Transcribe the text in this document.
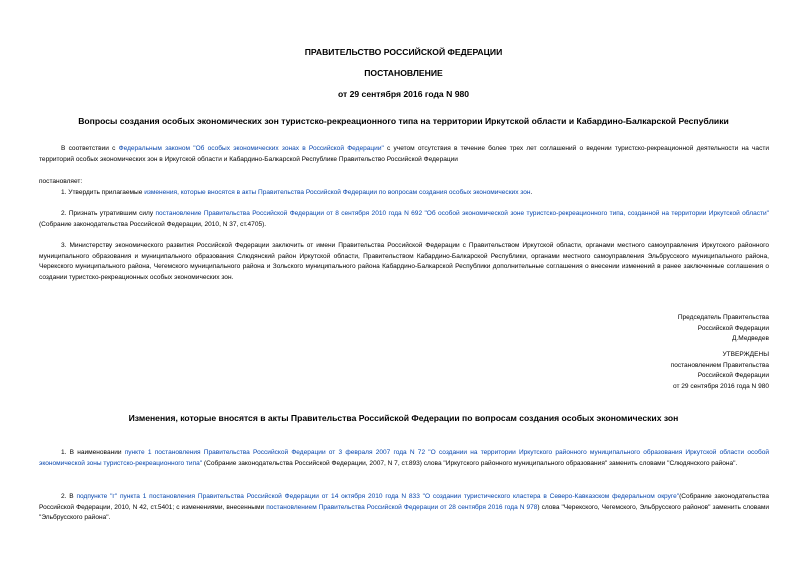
ПРАВИТЕЛЬСТВО РОССИЙСКОЙ ФЕДЕРАЦИИ
ПОСТАНОВЛЕНИЕ
от 29 сентября 2016 года N 980
Вопросы создания особых экономических зон туристско-рекреационного типа на территории Иркутской области и Кабардино-Балкарской Республики
В соответствии с Федеральным законом "Об особых экономических зонах в Российской Федерации" с учетом отсутствия в течение более трех лет соглашений о ведении туристско-рекреационной деятельности на части территорий особых экономических зон в Иркутской области и Кабардино-Балкарской Республике Правительство Российской Федерации
постановляет:
1. Утвердить прилагаемые изменения, которые вносятся в акты Правительства Российской Федерации по вопросам создания особых экономических зон.
2. Признать утратившим силу постановление Правительства Российской Федерации от 8 сентября 2010 года N 692 "Об особой экономической зоне туристско-рекреационного типа, созданной на территории Иркутской области" (Собрание законодательства Российской Федерации, 2010, N 37, ст.4705).
3. Министерству экономического развития Российской Федерации заключить от имени Правительства Российской Федерации с Правительством Иркутской области, органами местного самоуправления Иркутского районного муниципального образования и муниципального образования Слюдянский район Иркутской области, Правительством Кабардино-Балкарской Республики, органами местного самоуправления Эльбрусского муниципального района, Черекского муниципального района, Чегемского муниципального района и Зольского муниципального района Кабардино-Балкарской Республики дополнительные соглашения о внесении изменений в ранее заключенные соглашения о создании туристско-рекреационных особых экономических зон.
Председатель Правительства
Российской Федерации
Д.Медведев
УТВЕРЖДЕНЫ
постановлением Правительства
Российской Федерации
от 29 сентября 2016 года N 980
Изменения, которые вносятся в акты Правительства Российской Федерации по вопросам создания особых экономических зон
1. В наименовании пункте 1 постановления Правительства Российской Федерации от 3 февраля 2007 года N 72 "О создании на территории Иркутского районного муниципального образования Иркутской области особой экономической зоны туристско-рекреационного типа" (Собрание законодательства Российской Федерации, 2007, N 7, ст.893) слова "Иркутского районного муниципального образования" заменить словами "Слюдянского района".
2. В подпункте "г" пункта 1 постановления Правительства Российской Федерации от 14 октября 2010 года N 833 "О создании туристического кластера в Северо-Кавказском федеральном округе"(Собрание законодательства Российской Федерации, 2010, N 42, ст.5401; с изменениями, внесенными постановлением Правительства Российской Федерации от 28 сентября 2016 года N 978) слова "Черекского, Чегемского, Эльбрусского районов" заменить словами "Эльбрусского района".
